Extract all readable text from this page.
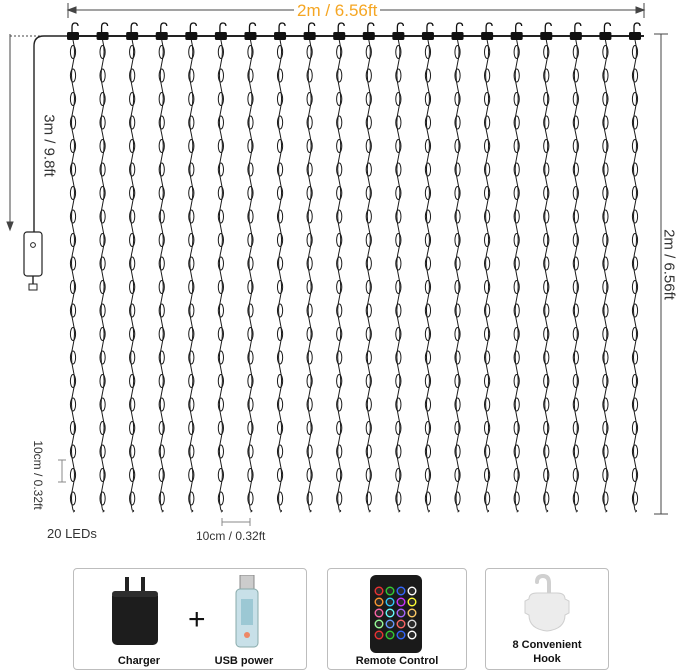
2m / 6.56ft
3m / 9.8ft
2m / 6.56ft
10cm / 0.32ft
20 LEDs	10cm / 0.32ft
+
Charger	USB power	Remote Control
8 Convenient
Hook
